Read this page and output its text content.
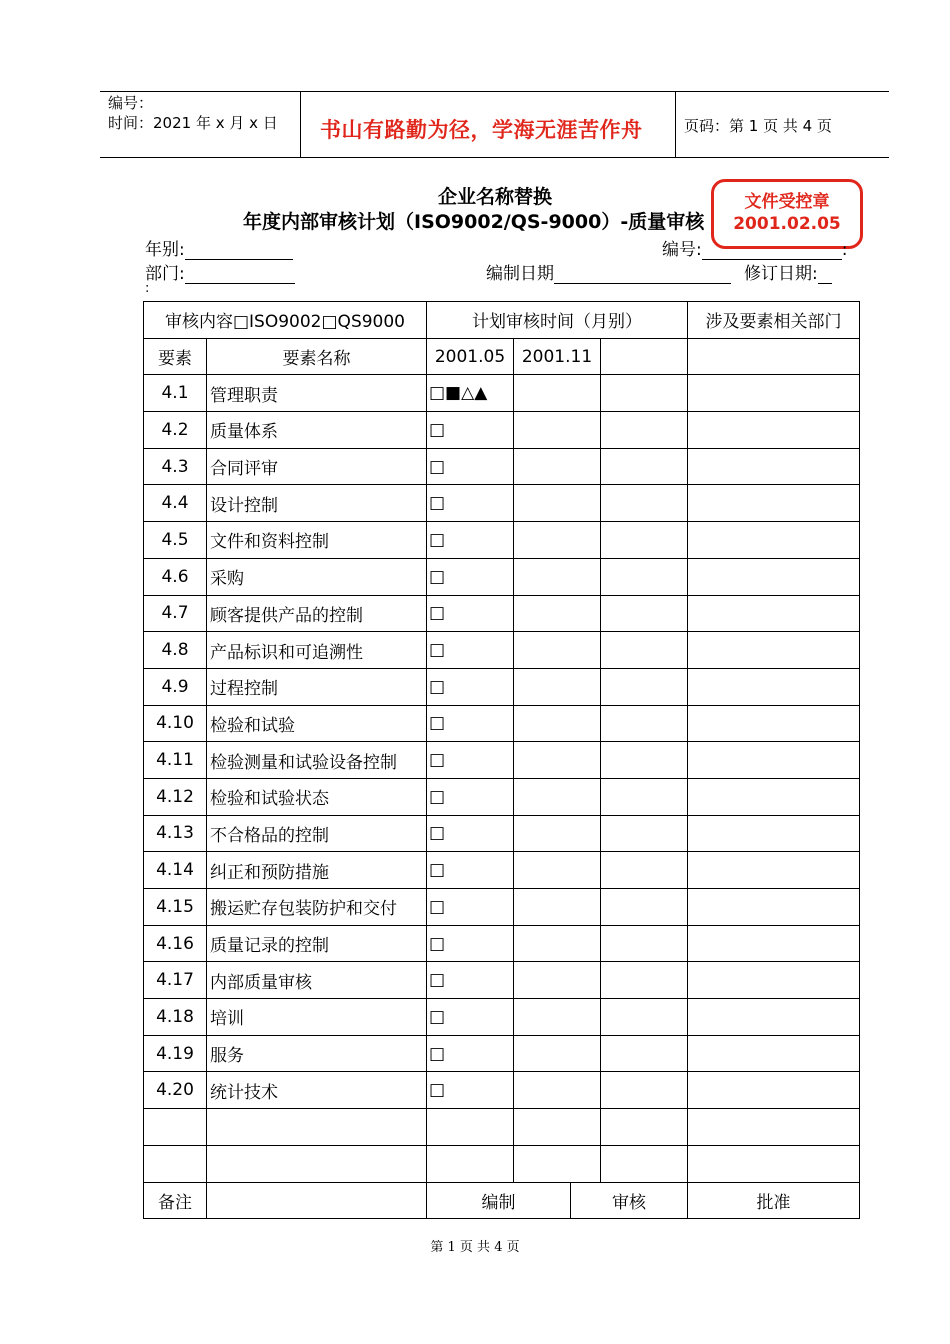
编号：
时间：2021 年 x 月 x 日 书山有路勤为径，学海无涯苦作舟	页码：第 1 页 共 4 页
企业名称替换
年度内部审核计划（ISO9002/QS-9000）-质量审核
文件受控章
2001.02.05
年别:	编号:	:
部门:	编制日期	修订日期:
:
审核内容□ISO9002□QS9000		计划审核时间（月别）				涉及要素相关部门
要素	要素名称	2001.05	2001.11			
4.1	管理职责	□■△▲				
4.2	质量体系	□				
4.3	合同评审	□				
4.4	设计控制	□				
4.5	文件和资料控制	□				
4.6	采购	□				
4.7	顾客提供产品的控制	□				
4.8	产品标识和可追溯性	□				
4.9	过程控制	□				
4.10	检验和试验	□				
4.11	检验测量和试验设备控制	□				
4.12	检验和试验状态	□				
4.13	不合格品的控制	□				
4.14	纠正和预防措施	□				
4.15	搬运贮存包装防护和交付	□				
4.16	质量记录的控制	□				
4.17	内部质量审核	□				
4.18	培训	□				
4.19	服务	□				
4.20	统计技术	□				

备注		编制		审核		批准
第 1 页 共 4 页
